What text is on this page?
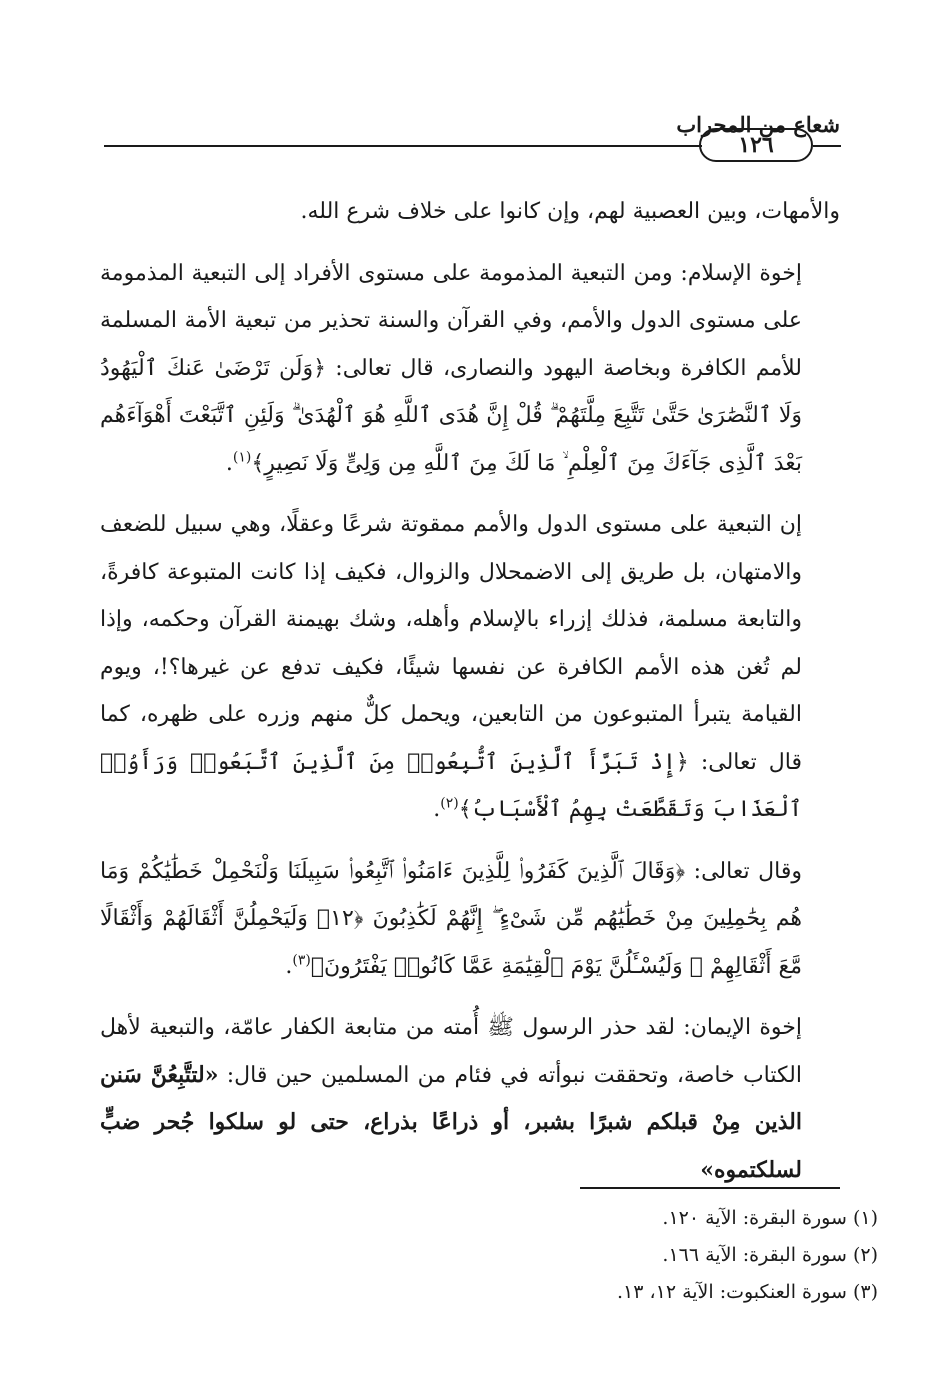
شعاع من المحراب
١٢٦

والأمهات، وبين العصبية لهم، وإن كانوا على خلاف شرع الله.

إخوة الإسلام: ومن التبعية المذمومة على مستوى الأفراد إلى التبعية المذمومة على مستوى الدول والأمم، وفي القرآن والسنة تحذير من تبعية الأمة المسلمة للأمم الكافرة وبخاصة اليهود والنصارى، قال تعالى: ﴿وَلَن تَرْضَىٰ عَنكَ ٱلْيَهُودُ وَلَا ٱلنَّصَٰرَىٰ حَتَّىٰ تَتَّبِعَ مِلَّتَهُمْ ۗ قُلْ إِنَّ هُدَى ٱللَّهِ هُوَ ٱلْهُدَىٰ ۗ وَلَئِنِ ٱتَّبَعْتَ أَهْوَآءَهُم بَعْدَ ٱلَّذِى جَآءَكَ مِنَ ٱلْعِلْمِ ۙ مَا لَكَ مِنَ ٱللَّهِ مِن وَلِىٍّ وَلَا نَصِيرٍ﴾$^{(١)}$.

إن التبعية على مستوى الدول والأمم ممقوتة شرعًا وعقلًا، وهي سبيل للضعف والامتهان، بل طريق إلى الاضمحلال والزوال، فكيف إذا كانت المتبوعة كافرةً، والتابعة مسلمة، فذلك إزراء بالإسلام وأهله، وشك بهيمنة القرآن وحكمه، وإذا لم تُغن هذه الأمم الكافرة عن نفسها شيئًا، فكيف تدفع عن غيرها؟!، ويوم القيامة يتبرأ المتبوعون من التابعين، ويحمل كلٌّ منهم وزره على ظهره، كما قال تعالى: ﴿إِذْ تَبَرَّأَ ٱلَّذِينَ ٱتُّبِعُوا۟ مِنَ ٱلَّذِينَ ٱتَّبَعُوا۟ وَرَأَوُا۟ ٱلْعَذَابَ وَتَقَطَّعَتْ بِهِمُ ٱلْأَسْبَابُ﴾$^{(٢)}$.

وقال تعالى: ﴿وَقَالَ ٱلَّذِينَ كَفَرُوا۟ لِلَّذِينَ ءَامَنُوا۟ ٱتَّبِعُوا۟ سَبِيلَنَا وَلْنَحْمِلْ خَطَٰيَٰكُمْ وَمَا هُم بِحَٰمِلِينَ مِنْ خَطَٰيَٰهُم مِّن شَىْءٍ ۖ إِنَّهُمْ لَكَٰذِبُونَ ﴿١٢﴾ وَلَيَحْمِلُنَّ أَثْقَالَهُمْ وَأَثْقَالًا مَّعَ أَثْقَالِهِمْ ۖ وَلَيُسْـَٔلُنَّ يَوْمَ ٱلْقِيَٰمَةِ عَمَّا كَانُوا۟ يَفْتَرُونَ﴾$^{(٣)}$.

إخوة الإيمان: لقد حذر الرسول ﷺ أُمته من متابعة الكفار عامّة، والتبعية لأهل الكتاب خاصة، وتحققت نبوأته في فئام من المسلمين حين قال: «لتتَّبِعُنَّ سَنن الذين مِنْ قبلكم شبرًا بشبر، أو ذراعًا بذراع، حتى لو سلكوا جُحر ضبٍّ لسلكتموه»

(١) سورة البقرة: الآية ١٢٠.
(٢) سورة البقرة: الآية ١٦٦.
(٣) سورة العنكبوت: الآية ١٢، ١٣.
